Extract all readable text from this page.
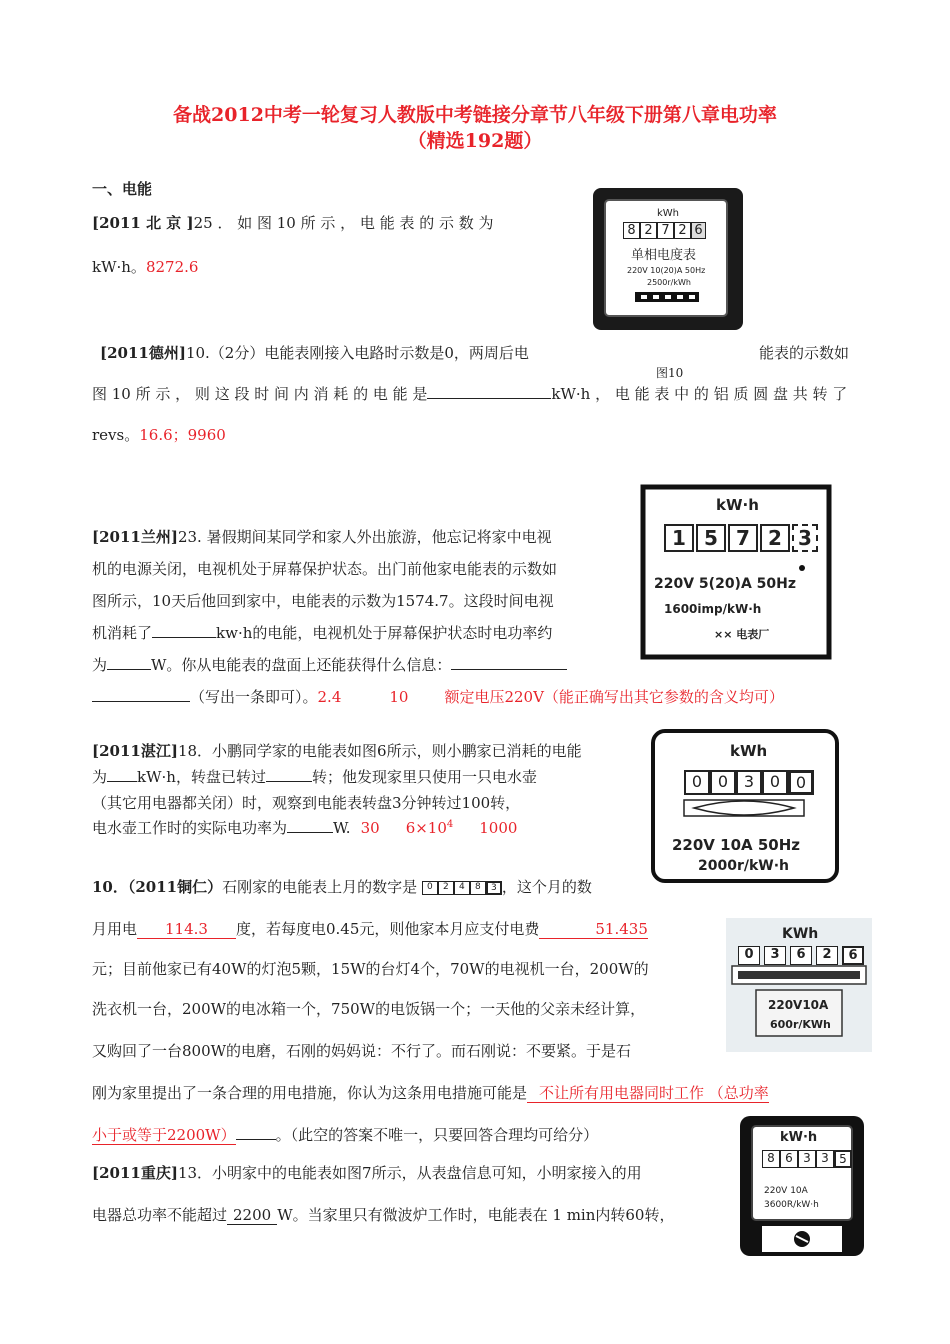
备战2012中考一轮复习人教版中考链接分章节八年级下册第八章电功率
（精选192题）
一、电能
[2011 北 京 ]25 ． 如 图 10 所 示 ， 电 能 表 的 示 数 为
kW·h。8272.6
kWh
8 2 7 2 6
单相电度表
220V 10(20)A 50Hz
2500r/kWh
[2011德州]10.（2分）电能表刚接入电路时示数是0，两周后电	能表的示数如
图10
图 10 所 示 ， 则 这 段 时 间 内 消 耗 的 电 能 是	kW·h ， 电 能 表 中 的 铝 质 圆 盘 共 转 了
revs。16.6；9960
kW·h
1 5 7 2 3
220V 5(20)A 50Hz
1600imp/kW·h
×× 电表厂
[2011兰州]23. 暑假期间某同学和家人外出旅游，他忘记将家中电视
机的电源关闭，电视机处于屏幕保护状态。出门前他家电能表的示数如
图所示，10天后他回到家中，电能表的示数为1574.7。这段时间电视
机消耗了	kw·h的电能，电视机处于屏幕保护状态时电功率约
为	W。你从电能表的盘面上还能获得什么信息：
（写出一条即可）。2.4	10 额定电压220V（能正确写出其它参数的含义均可）
kWh
0 0 3 0 0
220V 10A 50Hz
2000r/kW·h
[2011湛江]18．小鹏同学家的电能表如图6所示，则小鹏家已消耗的电能
为 kW·h，转盘已转过	转；他发现家里只使用一只电水壶
（其它用电器都关闭）时，观察到电能表转盘3分钟转过100转，
电水壶工作时的实际电功率为	W. 30 $6\times 10^4$ 1000
10．（2011铜仁）石刚家的电能表上月的数字是	0	2	4	8	3 ，这个月的数
月用电 114.3 度，若每度电0.45元，则他家本月应支付电费	51.435
元；目前他家已有40W的灯泡5颗，15W的台灯4个，70W的电视机一台，200W的
洗衣机一台，200W的电冰箱一个，750W的电饭锅一个；一天他的父亲未经计算，
又购回了一台800W的电磨，石刚的妈妈说：不行了。而石刚说：不要紧。于是石
刚为家里提出了一条合理的用电措施，你认为这条用电措施可能是 不让所有用电器同时工作 （总功率
小于或等于2200W）	。（此空的答案不唯一，只要回答合理均可给分）
KWh
0	3	6	2	6
220V10A
600r/KWh
[2011重庆]13．小明家中的电能表如图7所示，从表盘信息可知，小明家接入的用
电器总功率不能超过 2200 W。当家里只有微波炉工作时，电能表在 1 min内转60转，
kW·h
8 6 3 3 5
220V 10A
3600R/kW·h
